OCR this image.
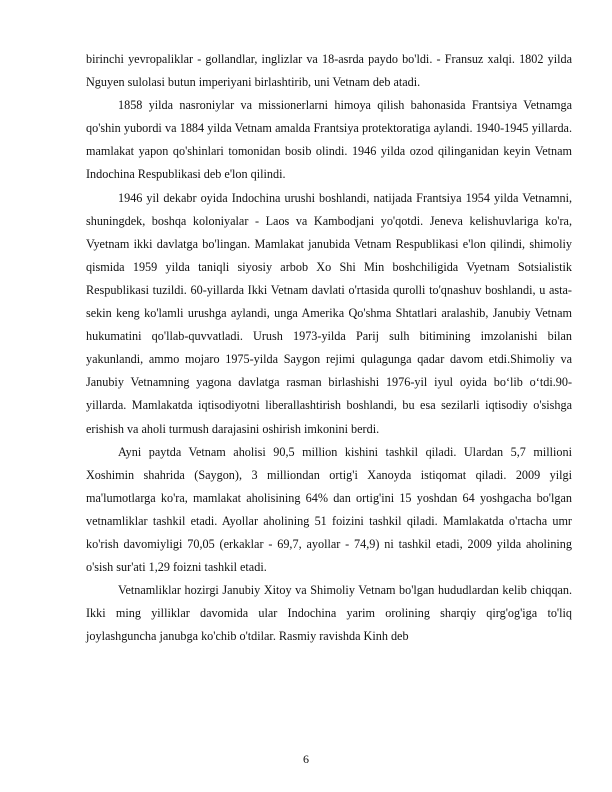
birinchi yevropaliklar - gollandlar, inglizlar va 18-asrda paydo bo'ldi. - Fransuz xalqi. 1802 yilda Nguyen sulolasi butun imperiyani birlashtirib, uni Vetnam deb atadi.

1858 yilda nasroniylar va missionerlarni himoya qilish bahonasida Frantsiya Vetnamga qo'shin yubordi va 1884 yilda Vetnam amalda Frantsiya protektoratiga aylandi. 1940-1945 yillarda. mamlakat yapon qo'shinlari tomonidan bosib olindi. 1946 yilda ozod qilinganidan keyin Vetnam Indochina Respublikasi deb e'lon qilindi.

1946 yil dekabr oyida Indochina urushi boshlandi, natijada Frantsiya 1954 yilda Vetnamni, shuningdek, boshqa koloniyalar - Laos va Kambodjani yo'qotdi. Jeneva kelishuvlariga ko'ra, Vyetnam ikki davlatga bo'lingan. Mamlakat janubida Vetnam Respublikasi e'lon qilindi, shimoliy qismida 1959 yilda taniqli siyosiy arbob Xo Shi Min boshchiligida Vyetnam Sotsialistik Respublikasi tuzildi. 60-yillarda Ikki Vetnam davlati o'rtasida qurolli to'qnashuv boshlandi, u asta-sekin keng ko'lamli urushga aylandi, unga Amerika Qo'shma Shtatlari aralashib, Janubiy Vetnam hukumatini qo'llab-quvvatladi. Urush 1973-yilda Parij sulh bitimining imzolanishi bilan yakunlandi, ammo mojaro 1975-yilda Saygon rejimi qulagunga qadar davom etdi.Shimoliy va Janubiy Vetnamning yagona davlatga rasman birlashishi 1976-yil iyul oyida bo‘lib o‘tdi.90-yillarda. Mamlakatda iqtisodiyotni liberallashtirish boshlandi, bu esa sezilarli iqtisodiy o'sishga erishish va aholi turmush darajasini oshirish imkonini berdi.

Ayni paytda Vetnam aholisi 90,5 million kishini tashkil qiladi. Ulardan 5,7 millioni Xoshimin shahrida (Saygon), 3 milliondan ortig'i Xanoyda istiqomat qiladi. 2009 yilgi ma'lumotlarga ko'ra, mamlakat aholisining 64% dan ortig'ini 15 yoshdan 64 yoshgacha bo'lgan vetnamliklar tashkil etadi. Ayollar aholining 51 foizini tashkil qiladi. Mamlakatda o'rtacha umr ko'rish davomiyligi 70,05 (erkaklar - 69,7, ayollar - 74,9) ni tashkil etadi, 2009 yilda aholining o'sish sur'ati 1,29 foizni tashkil etadi.

Vetnamliklar hozirgi Janubiy Xitoy va Shimoliy Vetnam bo'lgan hududlardan kelib chiqqan. Ikki ming yilliklar davomida ular Indochina yarim orolining sharqiy qirg'og'iga to'liq joylashguncha janubga ko'chib o'tdilar. Rasmiy ravishda Kinh deb

6
